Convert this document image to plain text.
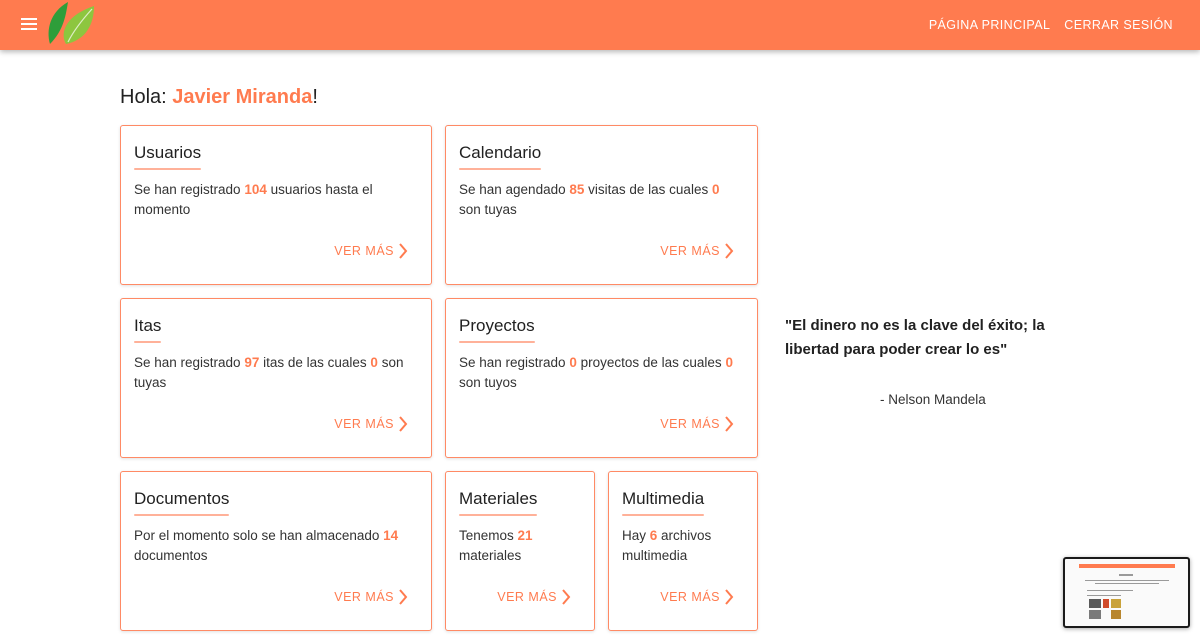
PÁGINA PRINCIPAL CERRAR SESIÓN
Hola: Javier Miranda!
Usuarios
Se han registrado 104 usuarios hasta el momento
VER MÁS
Calendario
Se han agendado 85 visitas de las cuales 0 son tuyas
VER MÁS
Itas
Se han registrado 97 itas de las cuales 0 son tuyas
VER MÁS
Proyectos
Se han registrado 0 proyectos de las cuales 0 son tuyos
VER MÁS
Documentos
Por el momento solo se han almacenado 14 documentos
VER MÁS
Materiales
Tenemos 21 materiales
VER MÁS
Multimedia
Hay 6 archivos multimedia
VER MÁS
"El dinero no es la clave del éxito; la libertad para poder crear lo es"
- Nelson Mandela
